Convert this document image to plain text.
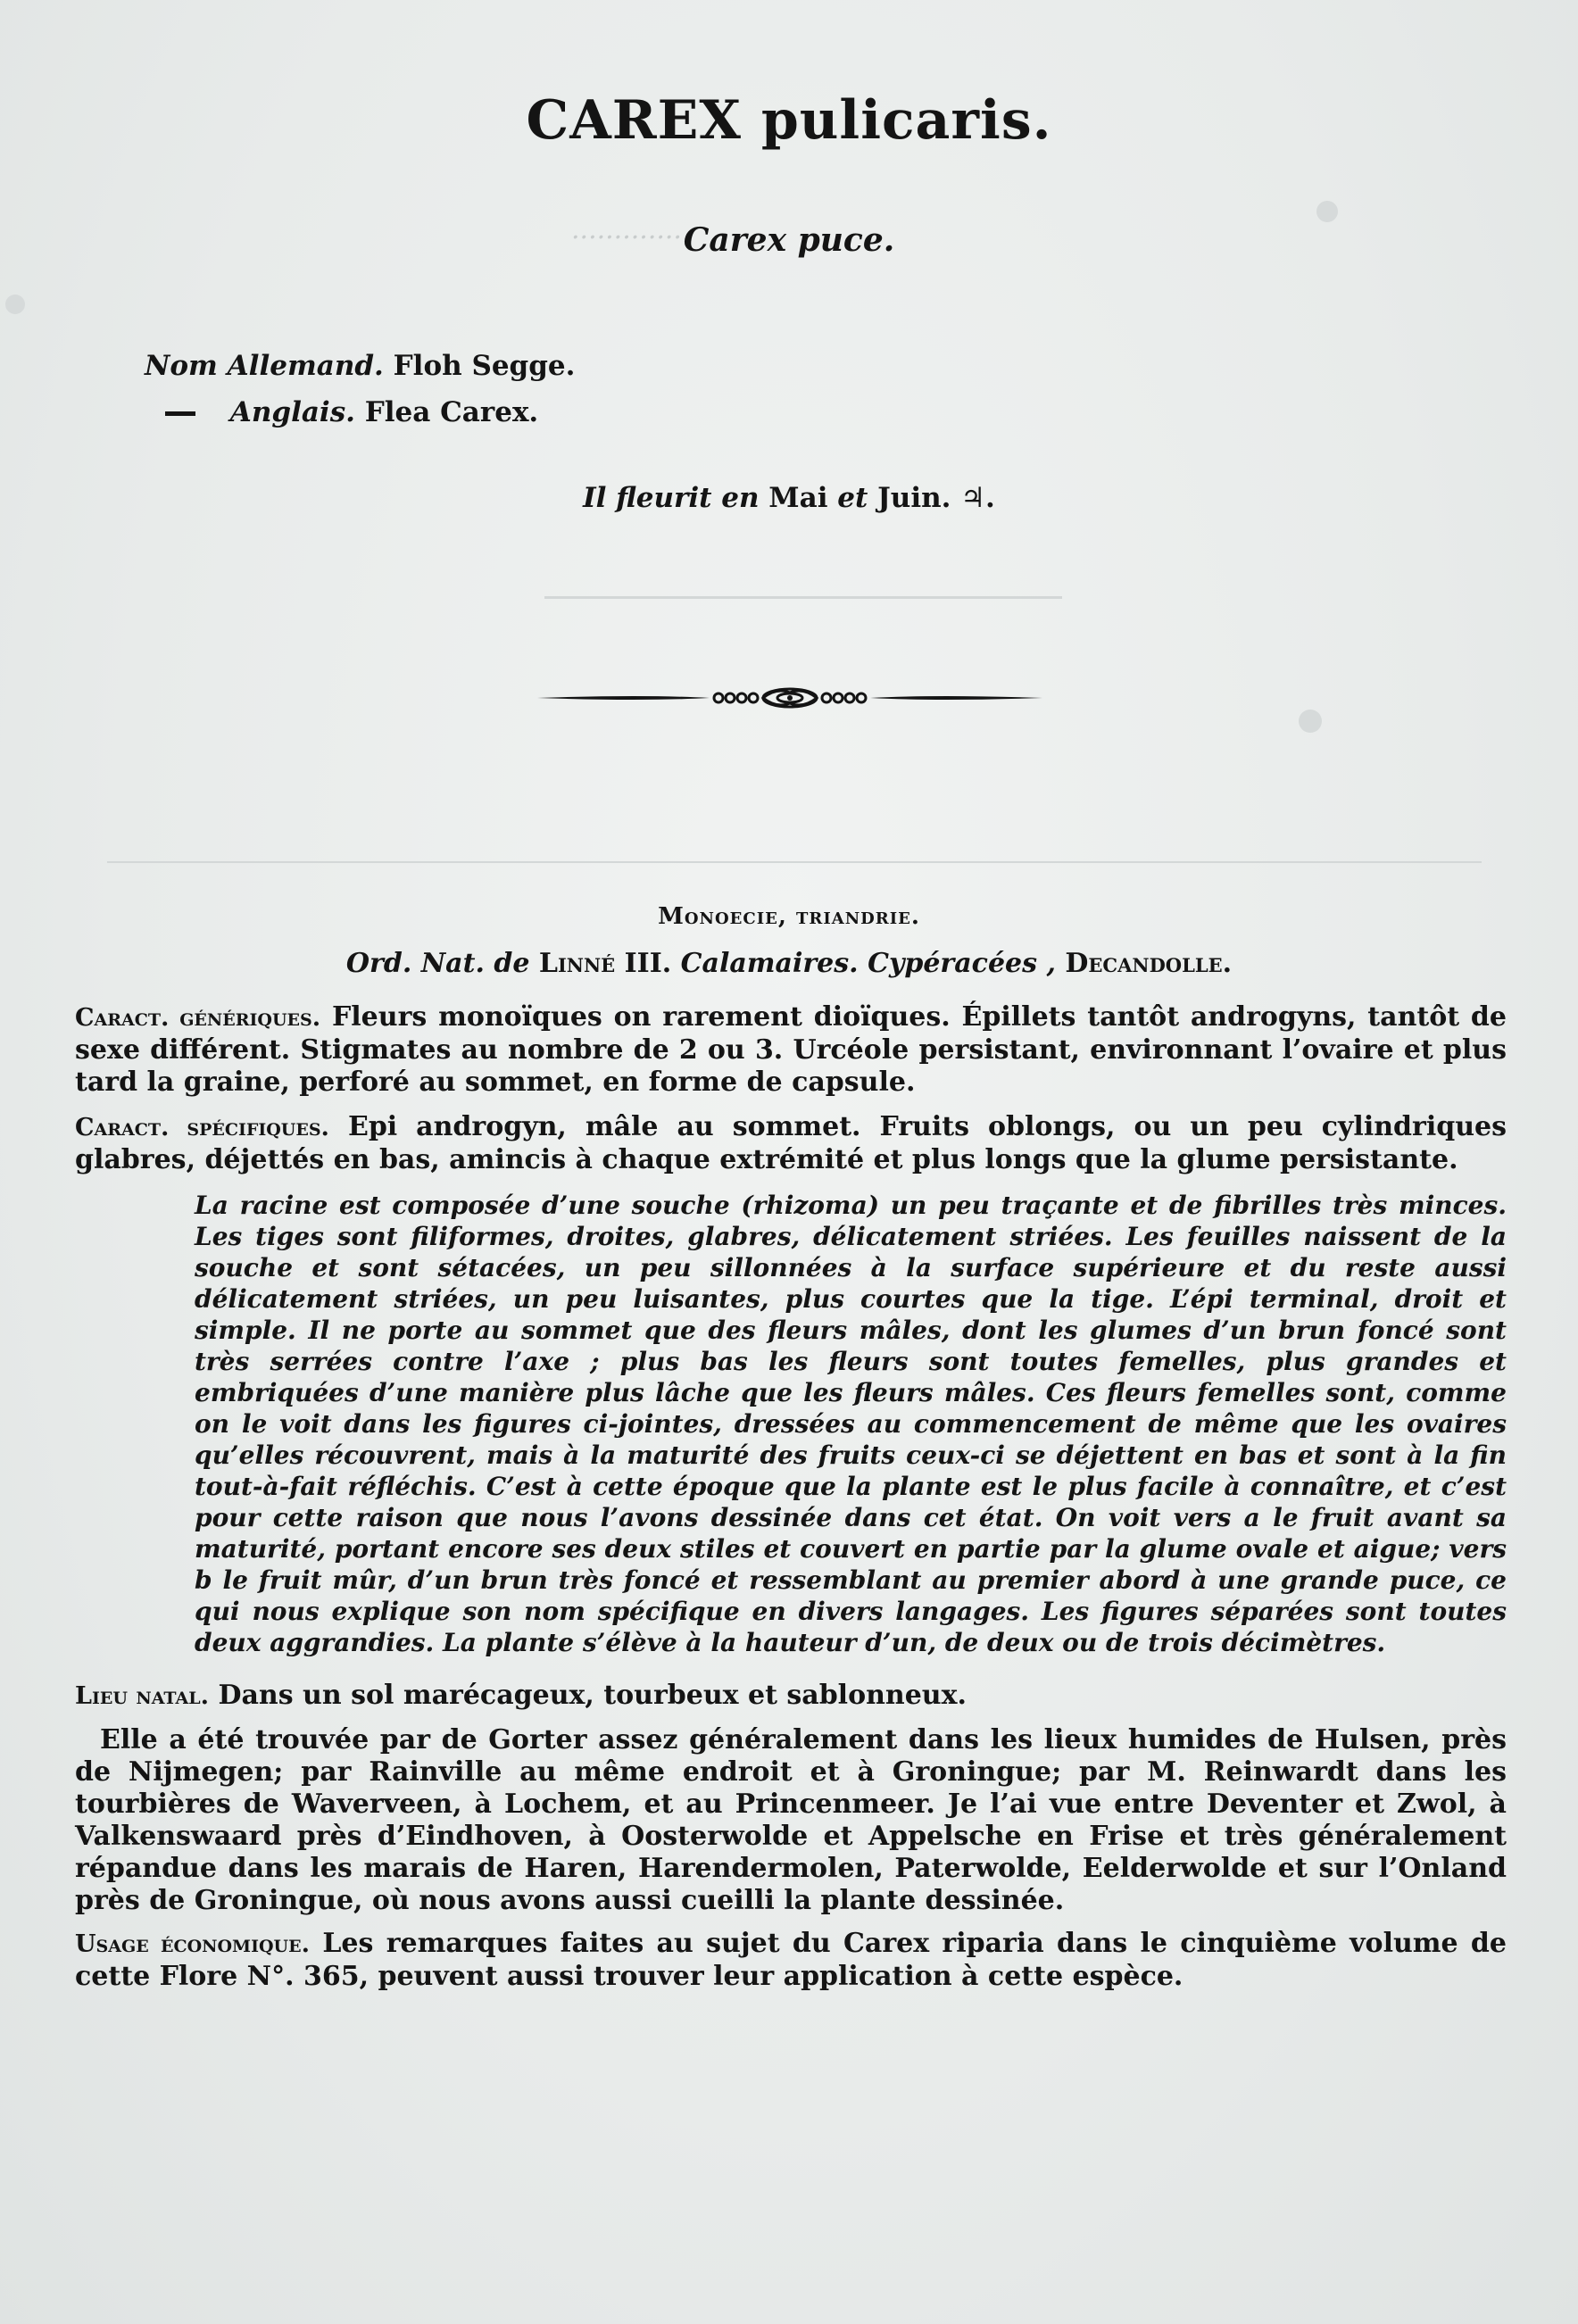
.............
CAREX pulicaris.
Carex puce.
Nom Allemand. Floh Segge.
Anglais. Flea Carex.
Il fleurit en Mai et Juin. ♃.
Monoecie, triandrie.
Ord. Nat. de Linné III. Calamaires. Cypéracées , Decandolle.
Caract. génériques. Fleurs monoïques on rarement dioïques. Épillets tantôt androgyns, tantôt de sexe différent. Stigmates au nombre de 2 ou 3. Urcéole persistant, environnant l’ovaire et plus tard la graine, perforé au sommet, en forme de capsule.
Caract. spécifiques. Epi androgyn, mâle au sommet. Fruits oblongs, ou un peu cylindriques glabres, déjettés en bas, amincis à chaque extrémité et plus longs que la glume persistante.
La racine est composée d’une souche (rhizoma) un peu traçante et de fibrilles très minces. Les tiges sont filiformes, droites, glabres, délicatement striées. Les feuilles naissent de la souche et sont sétacées, un peu sillonnées à la surface supérieure et du reste aussi délicatement striées, un peu luisantes, plus courtes que la tige. L’épi terminal, droit et simple. Il ne porte au sommet que des fleurs mâles, dont les glumes d’un brun foncé sont très serrées contre l’axe ; plus bas les fleurs sont toutes femelles, plus grandes et embriquées d’une manière plus lâche que les fleurs mâles. Ces fleurs femelles sont, comme on le voit dans les figures ci-jointes, dressées au commencement de même que les ovaires qu’elles récouvrent, mais à la maturité des fruits ceux-ci se déjettent en bas et sont à la fin tout-à-fait réfléchis. C’est à cette époque que la plante est le plus facile à connaître, et c’est pour cette raison que nous l’avons dessinée dans cet état. On voit vers a le fruit avant sa maturité, portant encore ses deux stiles et couvert en partie par la glume ovale et aigue; vers b le fruit mûr, d’un brun très foncé et ressemblant au premier abord à une grande puce, ce qui nous explique son nom spécifique en divers langages. Les figures séparées sont toutes deux aggrandies. La plante s’élève à la hauteur d’un, de deux ou de trois décimètres.
Lieu natal. Dans un sol marécageux, tourbeux et sablonneux.
Elle a été trouvée par de Gorter assez généralement dans les lieux humides de Hulsen, près de Nijmegen; par Rainville au même endroit et à Groningue; par M. Reinwardt dans les tourbières de Waverveen, à Lochem, et au Princenmeer. Je l’ai vue entre Deventer et Zwol, à Valkenswaard près d’Eindhoven, à Oosterwolde et Appelsche en Frise et très généralement répandue dans les marais de Haren, Harendermolen, Paterwolde, Eelderwolde et sur l’Onland près de Groningue, où nous avons aussi cueilli la plante dessinée.
Usage économique. Les remarques faites au sujet du Carex riparia dans le cinquième volume de cette Flore N°. 365, peuvent aussi trouver leur application à cette espèce.
